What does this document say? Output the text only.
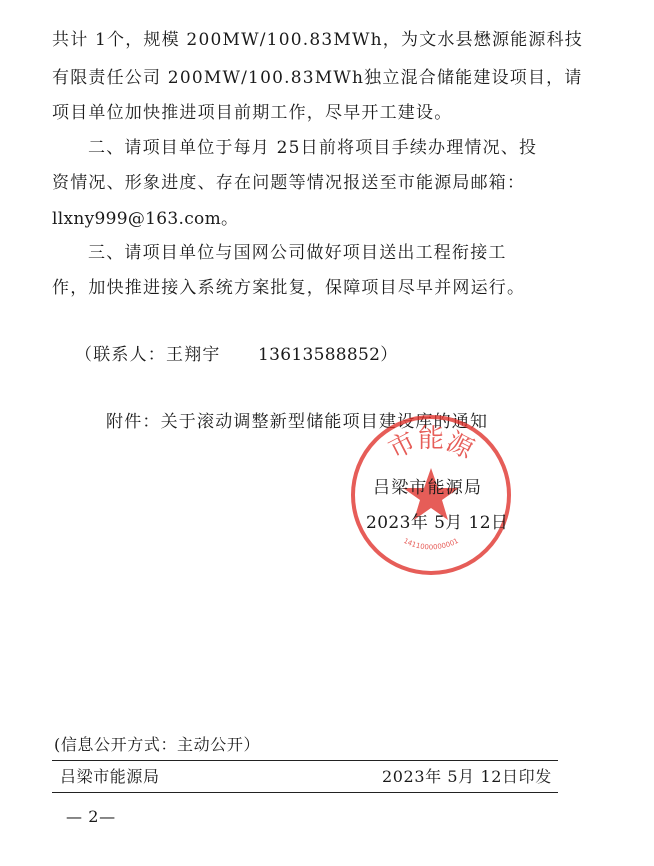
共计 1个，规模 200MW/100.83MWh，为文水县懋源能源科技
有限责任公司 200MW/100.83MWh独立混合储能建设项目，请
项目单位加快推进项目前期工作，尽早开工建设。
二、请项目单位于每月 25日前将项目手续办理情况、投
资情况、形象进度、存在问题等情况报送至市能源局邮箱：
llxny999@163.com。
三、请项目单位与国网公司做好项目送出工程衔接工
作，加快推进接入系统方案批复，保障项目尽早并网运行。
（联系人：王翔宇 13613588852）
附件：关于滚动调整新型储能项目建设库的通知
市能源
1411000000001
吕梁市能源局
2023年 5月 12日
(信息公开方式：主动公开）
吕梁市能源局	2023年 5月 12日印发
— 2—
